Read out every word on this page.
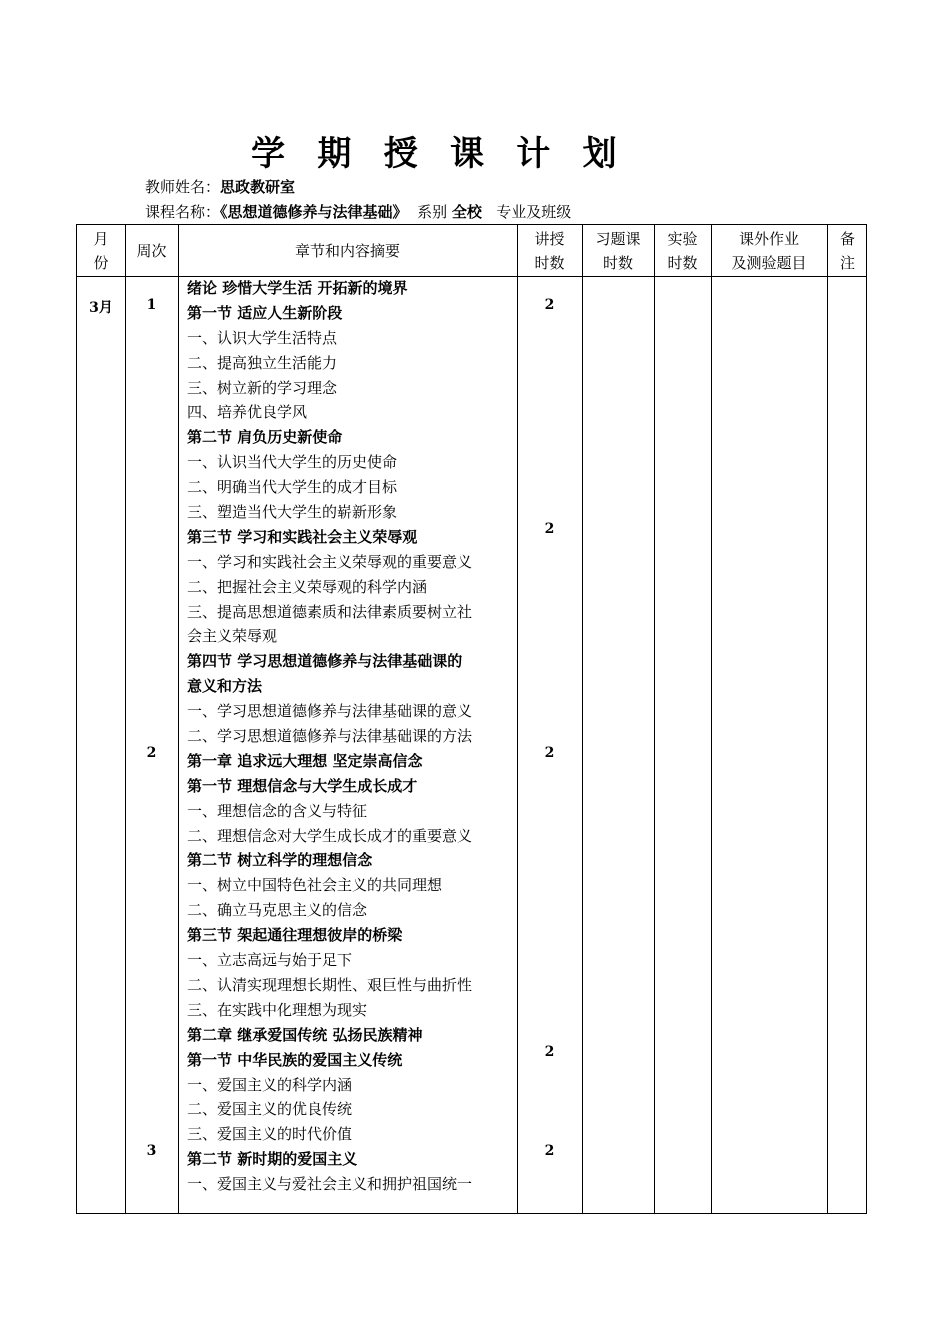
学期授课计划
教师姓名：思政教研室
课程名称：《思想道德修养与法律基础》 系别 全校 专业及班级
月
份
周次	章节和内容摘要
讲授
时数
习题课
时数
实验
时数
课外作业
及测验题目
备
注
3月	1
2
3
2
2
2
2
2
绪论 珍惜大学生活 开拓新的境界
第一节 适应人生新阶段
一、认识大学生活特点
二、提高独立生活能力
三、树立新的学习理念
四、培养优良学风
第二节 肩负历史新使命
一、认识当代大学生的历史使命
二、明确当代大学生的成才目标
三、塑造当代大学生的崭新形象
第三节 学习和实践社会主义荣辱观
一、学习和实践社会主义荣辱观的重要意义
二、把握社会主义荣辱观的科学内涵
三、提高思想道德素质和法律素质要树立社
会主义荣辱观
第四节 学习思想道德修养与法律基础课的
意义和方法
一、学习思想道德修养与法律基础课的意义
二、学习思想道德修养与法律基础课的方法
第一章 追求远大理想 坚定崇高信念
第一节 理想信念与大学生成长成才
一、理想信念的含义与特征
二、理想信念对大学生成长成才的重要意义
第二节 树立科学的理想信念
一、树立中国特色社会主义的共同理想
二、确立马克思主义的信念
第三节 架起通往理想彼岸的桥梁
一、立志高远与始于足下
二、认清实现理想长期性、艰巨性与曲折性
三、在实践中化理想为现实
第二章 继承爱国传统 弘扬民族精神
第一节 中华民族的爱国主义传统
一、爱国主义的科学内涵
二、爱国主义的优良传统
三、爱国主义的时代价值
第二节 新时期的爱国主义
一、爱国主义与爱社会主义和拥护祖国统一
